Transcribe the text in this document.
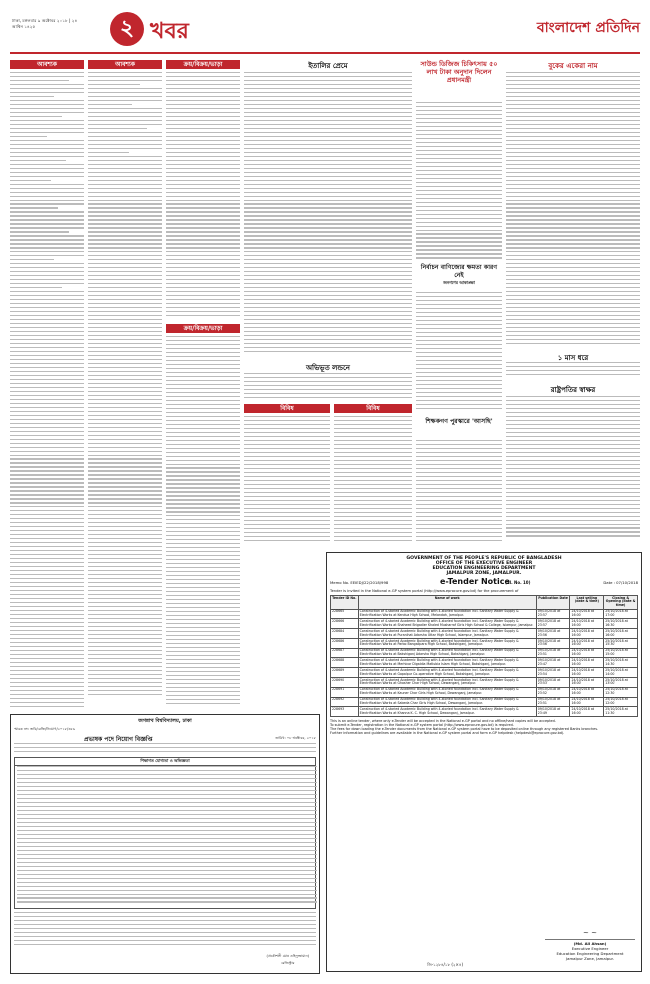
ঢাকা, মঙ্গলবার ৯ অক্টোবর ২০১৮ | ২৪ আশ্বিন ১৪২৫	২ খবর	বাংলাদেশ প্রতিদিন
আবশ্যক	আবশ্যক	ক্রয়/বিক্রয়/ভাড়া
ক্রয়/বিক্রয়/ভাড়া
ইতালির প্রেমে	সাউন্ড ডিজিজ চিকিৎসায় ৫০ লাখ টাকা অনুদান দিলেন প্রধানমন্ত্রী
নির্বাচন বাণিজ্যের ক্ষমতা কারণ নেই
জনগণের আকাঙ্ক্ষা
শিক্ষকগণ পুরস্কারে 'আসছি'
বুকের একেরা নাম
১ মাস ধরে
রাষ্ট্রপতির স্বাক্ষর
অভিভূত লন্ডনে
বিবিধ	বিবিধ
GOVERNMENT OF THE PEOPLE'S REPUBLIC OF BANGLADESH
OFFICE OF THE EXECUTIVE ENGINEER
EDUCATION ENGINEERING DEPARTMENT
JAMALPUR ZONE, JAMALPUR.
Memo No. EEIEDJ/22/2018/998	e-Tender Notice
(Sl. No. 10)	Date : 07/10/2018
Tender is invited in the National e-GP system portal (http://www.eprocure.gov.bd) for the procurement of
Tender ID No.	Name of work	Publication Date	Last selling (date & time)	Closing & Opening (date & time)
228665	Construction of 4-storied Academic Building with 4-storied foundation incl. Sanitary Water Supply & Electrification Works at Kendua High School, Melandah, Jamalpur.	09/10/2018 at 23:57	24/10/2018 at 16:00	25/10/2018 at 17:00
228666	Construction of 4-storied Academic Building with 4-storied foundation incl. Sanitary Water Supply & Electrification Works at Shaheed Brigadier Khaled Musharraf Girls High School & College, Islampur, Jamalpur.	09/10/2018 at 23:57	24/10/2018 at 16:00	25/10/2018 at 16:30
228684	Construction of 4-storied Academic Building with 4-storied foundation incl. Sanitary Water Supply & Electrification Works at Puranihat Adarsha Uttar High School, Islampur, Jamalpur.	09/10/2018 at 23:56	24/10/2018 at 16:00	25/10/2018 at 16:00
228686	Construction of 4-storied Academic Building with 4-storied foundation incl. Sanitary Water Supply & Electrification Works at Parbo Bangalipara High School, Bakshiganj, Jamalpur.	09/10/2018 at 23:56	24/10/2018 at 16:00	25/10/2018 at 15:30
228687	Construction of 4-storied Academic Building with 4-storied foundation incl. Sanitary Water Supply & Electrification Works at Bakshiganj Adarsha High School, Bakshiganj, Jamalpur.	09/10/2018 at 23:51	24/10/2018 at 16:00	25/10/2018 at 15:00
228688	Construction of 4-storied Academic Building with 4-storied foundation incl. Sanitary Water Supply & Electrification Works at Merhicor Digaldia Matlubia Islam High School, Bakshiganj, Jamalpur.	09/10/2018 at 23:47	24/10/2018 at 16:00	25/10/2018 at 14:30
228689	Construction of 4-storied Academic Building with 4-storied foundation incl. Sanitary Water Supply & Electrification Works at Gopalpur Co-operative High School, Bakshiganj, Jamalpur.	09/10/2018 at 23:54	24/10/2018 at 16:00	25/10/2018 at 14:00
228690	Construction of 4-storied Academic Building with 4-storied foundation incl. Sanitary Water Supply & Electrification Works at Ghosher Char High School, Dewanganj, Jamalpur.	09/10/2018 at 23:53	24/10/2018 at 16:00	25/10/2018 at 13:00
228691	Construction of 4-storied Academic Building with 4-storied foundation incl. Sanitary Water Supply & Electrification Works at Kauner Char Girls High School, Dewanganj, Jamalpur.	09/10/2018 at 23:52	24/10/2018 at 16:00	25/10/2018 at 12:30
228692	Construction of 4-storied Academic Building with 4-storied foundation incl. Sanitary Water Supply & Electrification Works at Sabeda Char Girls High School, Dewanganj, Jamalpur.	09/10/2018 at 23:51	24/10/2018 at 16:00	25/10/2018 at 12:00
228693	Construction of 4-storied Academic Building with 4-storied foundation incl. Sanitary Water Supply & Electrification Works at Khanna K. C. High School, Dewanganj, Jamalpur.	09/10/2018 at 23:49	24/10/2018 at 16:00	25/10/2018 at 11:30
This is an online tender, where only e-Tender will be accepted in the National e-GP portal and no offline/hard copies will be accepted.
To submit e-Tender, registration in the National e-GP system portal (http://www.eprocure.gov.bd) is required.
The fees for down loading the e-Tender documents from the National e-GP system portal have to be deposited online through any registered Banks branches.
Further information and guidelines are available in the National e-GP system portal and form e-GP helpdesk (helpdesk@eprocure.gov.bd).
~ ~
(Md. Ali Ahsan)
Executive Engineer
Education Engineering Department
Jamalpur Zone, Jamalpur.
জি-১২৮৪/১৮ (২×৪)
জগন্নাথ বিশ্ববিদ্যালয়, ঢাকা
স্মারক নং: জবি/রেজি/নিয়োগ/২০১৮/৩৫৬
প্রভাষক পদে নিয়োগ বিজ্ঞপ্তি	তারিখ: ০৮ অক্টোবর, ২০১৮
শিক্ষাগত যোগ্যতা ও অভিজ্ঞতা
(প্রকৌশলী মোঃ ওহিদুজ্জামান)
রেজিস্ট্রার
